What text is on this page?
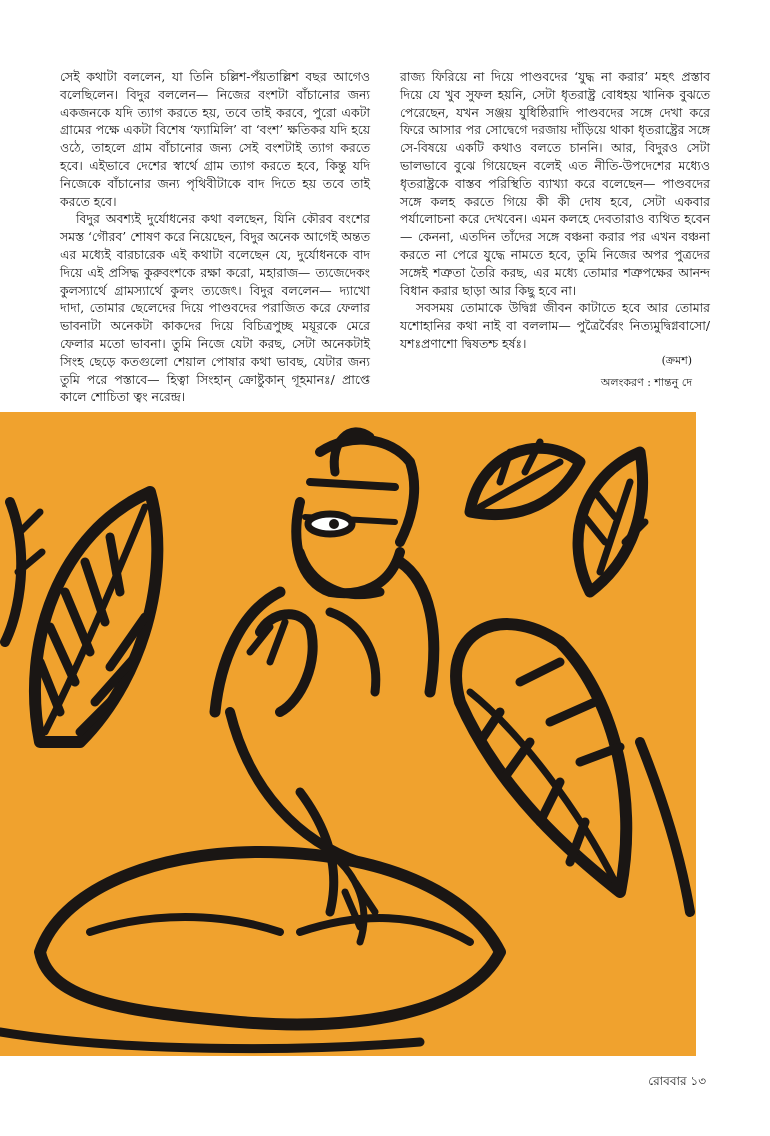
সেই কথাটা বললেন, যা তিনি চল্লিশ-পঁয়তাল্লিশ বছর আগেও বলেছিলেন। বিদুর বললেন— নিজের বংশটা বাঁচানোর জন্য একজনকে যদি ত্যাগ করতে হয়, তবে তাই করবে, পুরো একটা গ্রামের পক্ষে একটা বিশেষ ‘ফ্যামিলি’ বা ‘বংশ’ ক্ষতিকর যদি হয়ে ওঠে, তাহলে গ্রাম বাঁচানোর জন্য সেই বংশটাই ত্যাগ করতে হবে। এইভাবে দেশের স্বার্থে গ্রাম ত্যাগ করতে হবে, কিন্তু যদি নিজেকে বাঁচানোর জন্য পৃথিবীটাকে বাদ দিতে হয় তবে তাই করতে হবে।

বিদুর অবশ্যই দুর্যোধনের কথা বলছেন, যিনি কৌরব বংশের সমস্ত ‘গৌরব’ শোষণ করে নিয়েছেন, বিদুর অনেক আগেই অন্তত এর মধ্যেই বারচারেক এই কথাটা বলেছেন যে, দুর্যোধনকে বাদ দিয়ে এই প্রসিদ্ধ কুরুবংশকে রক্ষা করো, মহারাজ— ত্যজেদেকং কুলস্যার্থে গ্রামস্যার্থে কুলং ত্যজেৎ। বিদুর বললেন— দ্যাখো দাদা, তোমার ছেলেদের দিয়ে পাণ্ডবদের পরাজিত করে ফেলার ভাবনাটা অনেকটা কাকদের দিয়ে বিচিত্রপুচ্ছ ময়ূরকে মেরে ফেলার মতো ভাবনা। তুমি নিজে যেটা করছ, সেটা অনেকটাই সিংহ ছেড়ে কতগুলো শেয়াল পোষার কথা ভাবছ, যেটার জন্য তুমি পরে পস্তাবে— হিত্বা সিংহান্ ক্রোষ্টুকান্ গূহমানঃ/ প্রাপ্তে কালে শোচিতা ত্বং নরেন্দ্র।

রাজ্য ফিরিয়ে না দিয়ে পাণ্ডবদের ‘যুদ্ধ না করার’ মহৎ প্রস্তাব দিয়ে যে খুব সুফল হয়নি, সেটা ধৃতরাষ্ট্র বোধহয় খানিক বুঝতে পেরেছেন, যখন সঞ্জয় যুধিষ্ঠিরাদি পাণ্ডবদের সঙ্গে দেখা করে ফিরে আসার পর সোদ্বেগে দরজায় দাঁড়িয়ে থাকা ধৃতরাষ্ট্রের সঙ্গে সে-বিষয়ে একটি কথাও বলতে চাননি। আর, বিদুরও সেটা ভালভাবে বুঝে গিয়েছেন বলেই এত নীতি-উপদেশের মধ্যেও ধৃতরাষ্ট্রকে বাস্তব পরিস্থিতি ব্যাখ্যা করে বলেছেন— পাণ্ডবদের সঙ্গে কলহ করতে গিয়ে কী কী দোষ হবে, সেটা একবার পর্যালোচনা করে দেখবেন। এমন কলহে দেবতারাও ব্যথিত হবেন— কেননা, এতদিন তাঁদের সঙ্গে বঞ্চনা করার পর এখন বঞ্চনা করতে না পেরে যুদ্ধে নামতে হবে, তুমি নিজের অপর পুত্রদের সঙ্গেই শত্রুতা তৈরি করছ, এর মধ্যে তোমার শত্রুপক্ষের আনন্দ বিধান করার ছাড়া আর কিছু হবে না।

সবসময় তোমাকে উদ্বিগ্ন জীবন কাটাতে হবে আর তোমার যশোহানির কথা নাই বা বললাম— পুত্রৈর্বৈরং নিত্যমুদ্বিগ্নবাসো/ যশঃপ্রণাশো দ্বিষতশ্চ হর্ষঃ।

(ক্রমশ)
অলংকরণ : শান্তনু দে
রোববার ১৩
